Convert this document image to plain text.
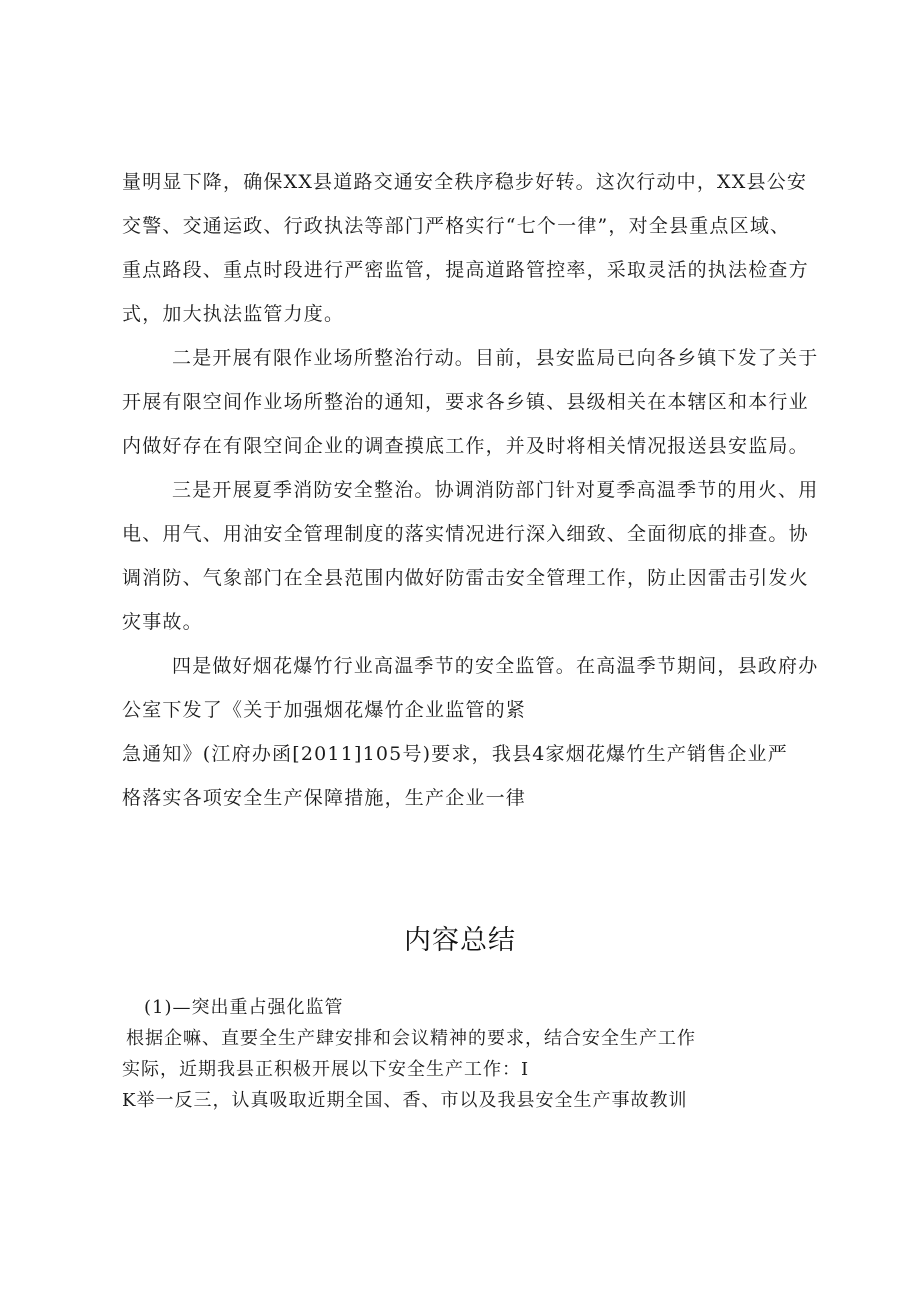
量明显下降，确保XX县道路交通安全秩序稳步好转。这次行动中，XX县公安
交警、交通运政、行政执法等部门严格实行“七个一律”，对全县重点区域、
重点路段、重点时段进行严密监管，提高道路管控率，采取灵活的执法检查方
式，加大执法监管力度。

二是开展有限作业场所整治行动。目前，县安监局已向各乡镇下发了关于
开展有限空间作业场所整治的通知，要求各乡镇、县级相关在本辖区和本行业
内做好存在有限空间企业的调查摸底工作，并及时将相关情况报送县安监局。

三是开展夏季消防安全整治。协调消防部门针对夏季高温季节的用火、用
电、用气、用油安全管理制度的落实情况进行深入细致、全面彻底的排查。协
调消防、气象部门在全县范围内做好防雷击安全管理工作，防止因雷击引发火
灾事故。

四是做好烟花爆竹行业高温季节的安全监管。在高温季节期间，县政府办
公室下发了《关于加强烟花爆竹企业监管的紧
急通知》(江府办函[2011]105号)要求，我县4家烟花爆竹生产销售企业严
格落实各项安全生产保障措施，生产企业一律

内容总结
(1)—突出重占强化监管
根据企嘛、直要全生产肆安排和会议精神的要求，结合安全生产工作
实际，近期我县正积极开展以下安全生产工作：I
K举一反三，认真吸取近期全国、香、市以及我县安全生产事故教训
